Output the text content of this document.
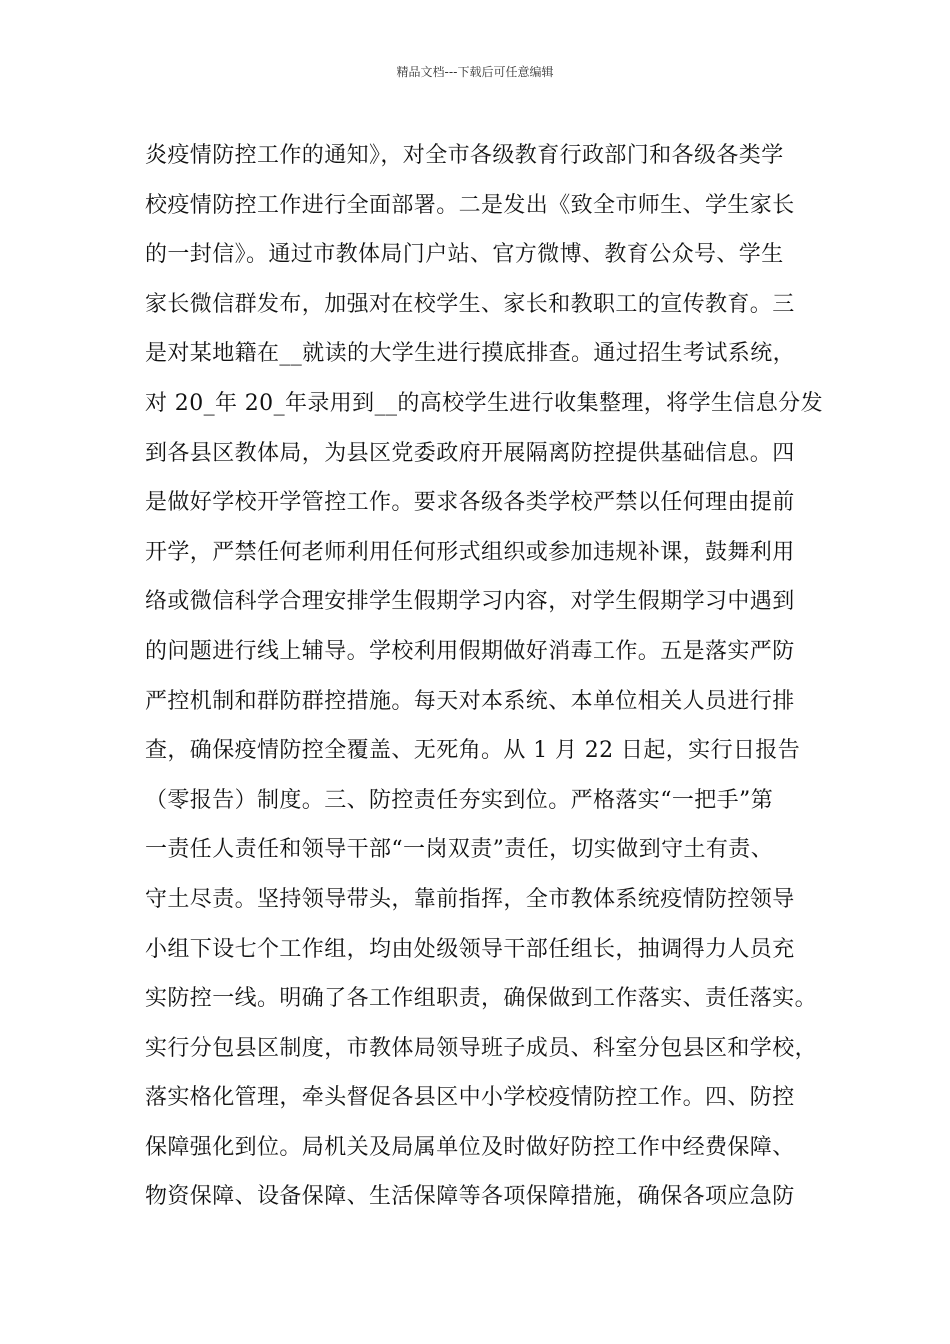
精品文档---下载后可任意编辑
炎疫情防控工作的通知》，对全市各级教育行政部门和各级各类学
校疫情防控工作进行全面部署。二是发出《致全市师生、学生家长
的一封信》。通过市教体局门户站、官方微博、教育公众号、学生
家长微信群发布，加强对在校学生、家长和教职工的宣传教育。三
是对某地籍在__就读的大学生进行摸底排查。通过招生考试系统，
对 20_年 20_年录用到__的高校学生进行收集整理，将学生信息分发
到各县区教体局，为县区党委政府开展隔离防控提供基础信息。四
是做好学校开学管控工作。要求各级各类学校严禁以任何理由提前
开学，严禁任何老师利用任何形式组织或参加违规补课，鼓舞利用
络或微信科学合理安排学生假期学习内容，对学生假期学习中遇到
的问题进行线上辅导。学校利用假期做好消毒工作。五是落实严防
严控机制和群防群控措施。每天对本系统、本单位相关人员进行排
查，确保疫情防控全覆盖、无死角。从 1 月 22 日起，实行日报告
（零报告）制度。三、防控责任夯实到位。严格落实“一把手”第
一责任人责任和领导干部“一岗双责”责任，切实做到守土有责、
守土尽责。坚持领导带头，靠前指挥，全市教体系统疫情防控领导
小组下设七个工作组，均由处级领导干部任组长，抽调得力人员充
实防控一线。明确了各工作组职责，确保做到工作落实、责任落实。
实行分包县区制度，市教体局领导班子成员、科室分包县区和学校，
落实格化管理，牵头督促各县区中小学校疫情防控工作。四、防控
保障强化到位。局机关及局属单位及时做好防控工作中经费保障、
物资保障、设备保障、生活保障等各项保障措施，确保各项应急防
